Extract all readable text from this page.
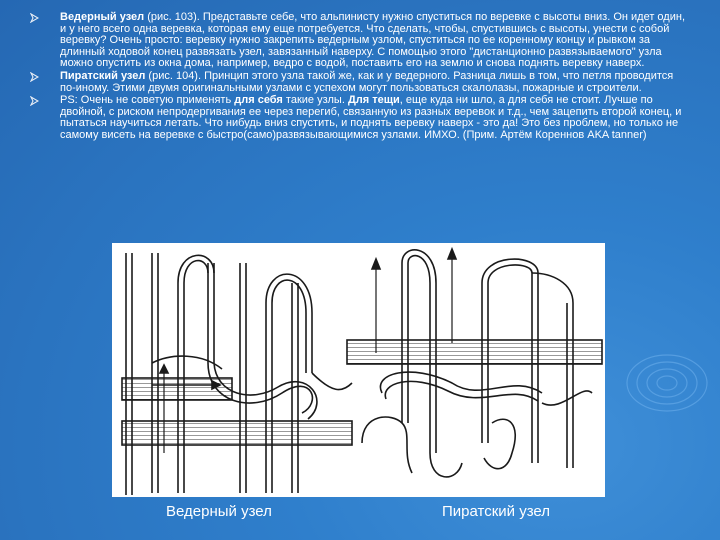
Ведерный узел (рис. 103). Представьте себе, что альпинисту нужно спуститься по веревке с высоты вниз. Он идет один, и у него всего одна веревка, которая ему еще потребуется. Что сделать, чтобы, спустившись с высоты, унести с собой веревку? Очень просто: веревку нужно закрепить ведерным узлом, спуститься по ее коренному концу и рывком за длинный ходовой конец развязать узел, завязанный наверху. С помощью этого "дистанционно развязываемого" узла можно опустить из окна дома, например, ведро с водой, поставить его на землю и снова поднять веревку наверх.
Пиратский узел (рис. 104). Принцип этого узла такой же, как и у ведерного. Разница лишь в том, что петля проводится по-иному. Этими двумя оригинальными узлами с успехом могут пользоваться скалолазы, пожарные и строители.
PS: Очень не советую применять для себя такие узлы. Для тещи, еще куда ни шло, а для себя не стоит. Лучше по двойной, с риском непродергивания ее через перегиб, связанную из разных веревок и т.д., чем зацепить второй конец, и пытаться научиться летать. Что нибудь вниз спустить, и поднять веревку наверх - это да! Это без проблем, но только не самому висеть на веревке с быстро(само)развязывающимися узлами. ИМХО. (Прим. Артём Кореннов AKA tanner)
Ведерный узел	Пиратский узел
